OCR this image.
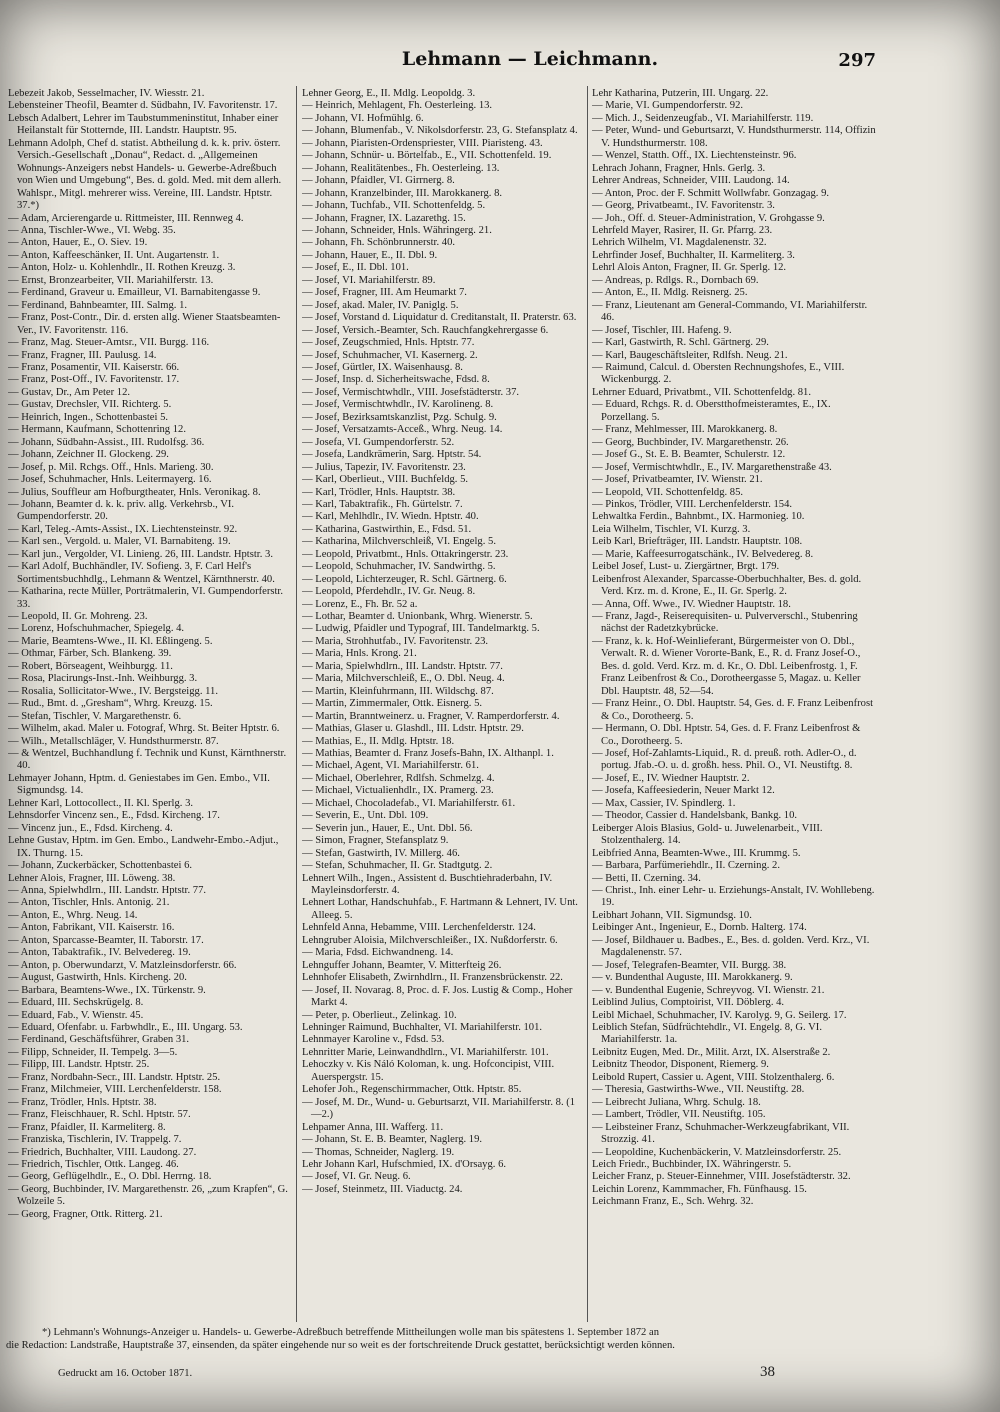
Lehmann — Leichmann.	297

Lebezeit Jakob, Sesselmacher, IV. Wiesstr. 21.

Lebensteiner Theofil, Beamter d. Südbahn, IV. Favoritenstr. 17.

Lebsch Adalbert, Lehrer im Taubstummeninstitut, Inhaber einer Heilanstalt für Stotternde, III. Landstr. Hauptstr. 95.

Lehmann Adolph, Chef d. statist. Abtheilung d. k. k. priv. österr. Versich.-Gesellschaft „Donau“, Redact. d. „Allgemeinen Wohnungs-Anzeigers nebst Handels- u. Gewerbe-Adreßbuch von Wien und Umgebung“, Bes. d. gold. Med. mit dem allerh. Wahlspr., Mitgl. mehrerer wiss. Vereine, III. Landstr. Hptstr. 37.*)

— Adam, Arcierengarde u. Rittmeister, III. Rennweg 4.

— Anna, Tischler-Wwe., VI. Webg. 35.

— Anton, Hauer, E., O. Siev. 19.

— Anton, Kaffeeschänker, II. Unt. Augartenstr. 1.

— Anton, Holz- u. Kohlenhdlr., II. Rothen Kreuzg. 3.

— Ernst, Bronzearbeiter, VII. Mariahilferstr. 13.

— Ferdinand, Graveur u. Emailleur, VI. Barnabitengasse 9.

— Ferdinand, Bahnbeamter, III. Salmg. 1.

— Franz, Post-Contr., Dir. d. ersten allg. Wiener Staatsbeamten-Ver., IV. Favoritenstr. 116.

— Franz, Mag. Steuer-Amtsr., VII. Burgg. 116.

— Franz, Fragner, III. Paulusg. 14.

— Franz, Posamentir, VII. Kaiserstr. 66.

— Franz, Post-Off., IV. Favoritenstr. 17.

— Gustav, Dr., Am Peter 12.

— Gustav, Drechsler, VII. Richterg. 5.

— Heinrich, Ingen., Schottenbastei 5.

— Hermann, Kaufmann, Schottenring 12.

— Johann, Südbahn-Assist., III. Rudolfsg. 36.

— Johann, Zeichner II. Glockeng. 29.

— Josef, p. Mil. Rchgs. Off., Hnls. Marieng. 30.

— Josef, Schuhmacher, Hnls. Leitermayerg. 16.

— Julius, Souffleur am Hofburgtheater, Hnls. Veronikag. 8.

— Johann, Beamter d. k. k. priv. allg. Verkehrsb., VI. Gumpendorferstr. 20.

— Karl, Teleg.-Amts-Assist., IX. Liechtensteinstr. 92.

— Karl sen., Vergold. u. Maler, VI. Barnabiteng. 19.

— Karl jun., Vergolder, VI. Linieng. 26, III. Landstr. Hptstr. 3.

— Karl Adolf, Buchhändler, IV. Sofieng. 3, F. Carl Helf's Sortimentsbuchhdlg., Lehmann & Wentzel, Kärnthnerstr. 40.

— Katharina, recte Müller, Porträtmalerin, VI. Gumpendorferstr. 33.

— Leopold, II. Gr. Mohreng. 23.

— Lorenz, Hofschuhmacher, Spiegelg. 4.

— Marie, Beamtens-Wwe., II. Kl. Eßlingeng. 5.

— Othmar, Färber, Sch. Blankeng. 39.

— Robert, Börseagent, Weihburgg. 11.

— Rosa, Placirungs-Inst.-Inh. Weihburgg. 3.

— Rosalia, Sollicitator-Wwe., IV. Bergsteigg. 11.

— Rud., Bmt. d. „Gresham“, Whrg. Kreuzg. 15.

— Stefan, Tischler, V. Margarethenstr. 6.

— Wilhelm, akad. Maler u. Fotograf, Whrg. St. Beiter Hptstr. 6.

— Wilh., Metallschläger, V. Hundsthurmerstr. 87.

— & Wentzel, Buchhandlung f. Technik und Kunst, Kärnthnerstr. 40.

Lehmayer Johann, Hptm. d. Geniestabes im Gen. Embo., VII. Sigmundsg. 14.

Lehner Karl, Lottocollect., II. Kl. Sperlg. 3.

Lehnsdorfer Vincenz sen., E., Fdsd. Kircheng. 17.

— Vincenz jun., E., Fdsd. Kircheng. 4.

Lehne Gustav, Hptm. im Gen. Embo., Landwehr-Embo.-Adjut., IX. Thurng. 15.

— Johann, Zuckerbäcker, Schottenbastei 6.

Lehner Alois, Fragner, III. Löweng. 38.

— Anna, Spielwhdlrn., III. Landstr. Hptstr. 77.

— Anton, Tischler, Hnls. Antonig. 21.

— Anton, E., Whrg. Neug. 14.

— Anton, Fabrikant, VII. Kaiserstr. 16.

— Anton, Sparcasse-Beamter, II. Taborstr. 17.

— Anton, Tabaktrafik., IV. Belvedereg. 19.

— Anton, p. Oberwundarzt, V. Matzleinsdorferstr. 66.

— August, Gastwirth, Hnls. Kircheng. 20.

— Barbara, Beamtens-Wwe., IX. Türkenstr. 9.

— Eduard, III. Sechskrügelg. 8.

— Eduard, Fab., V. Wienstr. 45.

— Eduard, Ofenfabr. u. Farbwhdlr., E., III. Ungarg. 53.

— Ferdinand, Geschäftsführer, Graben 31.

— Filipp, Schneider, II. Tempelg. 3—5.

— Filipp, III. Landstr. Hptstr. 25.

— Franz, Nordbahn-Secr., III. Landstr. Hptstr. 25.

— Franz, Milchmeier, VIII. Lerchenfelderstr. 158.

— Franz, Trödler, Hnls. Hptstr. 38.

— Franz, Fleischhauer, R. Schl. Hptstr. 57.

— Franz, Pfaidler, II. Karmeliterg. 8.

— Franziska, Tischlerin, IV. Trappelg. 7.

— Friedrich, Buchhalter, VIII. Laudong. 27.

— Friedrich, Tischler, Ottk. Langeg. 46.

— Georg, Geflügelhdlr., E., O. Dbl. Herrng. 18.

— Georg, Buchbinder, IV. Margarethenstr. 26, „zum Krapfen“, G. Wolzeile 5.

— Georg, Fragner, Ottk. Ritterg. 21.

Lehner Georg, E., II. Mdlg. Leopoldg. 3.

— Heinrich, Mehlagent, Fh. Oesterleing. 13.

— Johann, VI. Hofmühlg. 6.

— Johann, Blumenfab., V. Nikolsdorferstr. 23, G. Stefansplatz 4.

— Johann, Piaristen-Ordenspriester, VIII. Piaristeng. 43.

— Johann, Schnür- u. Börtelfab., E., VII. Schottenfeld. 19.

— Johann, Realitätenbes., Fh. Oesterleing. 13.

— Johann, Pfaidler, VI. Girrnerg. 8.

— Johann, Kranzelbinder, III. Marokkanerg. 8.

— Johann, Tuchfab., VII. Schottenfeldg. 5.

— Johann, Fragner, IX. Lazarethg. 15.

— Johann, Schneider, Hnls. Währingerg. 21.

— Johann, Fh. Schönbrunnerstr. 40.

— Johann, Hauer, E., II. Dbl. 9.

— Josef, E., II. Dbl. 101.

— Josef, VI. Mariahilferstr. 89.

— Josef, Fragner, III. Am Heumarkt 7.

— Josef, akad. Maler, IV. Paniglg. 5.

— Josef, Vorstand d. Liquidatur d. Creditanstalt, II. Praterstr. 63.

— Josef, Versich.-Beamter, Sch. Rauchfangkehrergasse 6.

— Josef, Zeugschmied, Hnls. Hptstr. 77.

— Josef, Schuhmacher, VI. Kasernerg. 2.

— Josef, Gürtler, IX. Waisenhausg. 8.

— Josef, Insp. d. Sicherheitswache, Fdsd. 8.

— Josef, Vermischtwhdlr., VIII. Josefstädterstr. 37.

— Josef, Vermischtwhdlr., IV. Karolineng. 8.

— Josef, Bezirksamtskanzlist, Pzg. Schulg. 9.

— Josef, Versatzamts-Acceß., Whrg. Neug. 14.

— Josefa, VI. Gumpendorferstr. 52.

— Josefa, Landkrämerin, Sarg. Hptstr. 54.

— Julius, Tapezir, IV. Favoritenstr. 23.

— Karl, Oberlieut., VIII. Buchfeldg. 5.

— Karl, Trödler, Hnls. Hauptstr. 38.

— Karl, Tabaktrafik., Fh. Gürtelstr. 7.

— Karl, Mehlhdlr., IV. Wiedn. Hptstr. 40.

— Katharina, Gastwirthin, E., Fdsd. 51.

— Katharina, Milchverschleiß, VI. Engelg. 5.

— Leopold, Privatbmt., Hnls. Ottakringerstr. 23.

— Leopold, Schuhmacher, IV. Sandwirthg. 5.

— Leopold, Lichterzeuger, R. Schl. Gärtnerg. 6.

— Leopold, Pferdehdlr., IV. Gr. Neug. 8.

— Lorenz, E., Fh. Br. 52 a.

— Lothar, Beamter d. Unionbank, Whrg. Wienerstr. 5.

— Ludwig, Pfaidler und Typograf, III. Tandelmarktg. 5.

— Maria, Strohhutfab., IV. Favoritenstr. 23.

— Maria, Hnls. Krong. 21.

— Maria, Spielwhdlrn., III. Landstr. Hptstr. 77.

— Maria, Milchverschleiß, E., O. Dbl. Neug. 4.

— Martin, Kleinfuhrmann, III. Wildschg. 87.

— Martin, Zimmermaler, Ottk. Eisnerg. 5.

— Martin, Branntweinerz. u. Fragner, V. Ramperdorferstr. 4.

— Mathias, Glaser u. Glashdl., III. Ldstr. Hptstr. 29.

— Mathias, E., II. Mdlg. Hptstr. 18.

— Mathias, Beamter d. Franz Josefs-Bahn, IX. Althanpl. 1.

— Michael, Agent, VI. Mariahilferstr. 61.

— Michael, Oberlehrer, Rdlfsh. Schmelzg. 4.

— Michael, Victualienhdlr., IX. Pramerg. 23.

— Michael, Chocoladefab., VI. Mariahilferstr. 61.

— Severin, E., Unt. Dbl. 109.

— Severin jun., Hauer, E., Unt. Dbl. 56.

— Simon, Fragner, Stefansplatz 9.

— Stefan, Gastwirth, IV. Millerg. 46.

— Stefan, Schuhmacher, II. Gr. Stadtgutg. 2.

Lehnert Wilh., Ingen., Assistent d. Buschtiehraderbahn, IV. Mayleinsdorferstr. 4.

Lehnert Lothar, Handschuhfab., F. Hartmann & Lehnert, IV. Unt. Alleeg. 5.

Lehnfeld Anna, Hebamme, VIII. Lerchenfelderstr. 124.

Lehngruber Aloisia, Milchverschleißer., IX. Nußdorferstr. 6.

— Maria, Fdsd. Eichwandneng. 14.

Lehnguffer Johann, Beamter, V. Mitterfteig 26.

Lehnhofer Elisabeth, Zwirnhdlrn., II. Franzensbrückenstr. 22.

— Josef, II. Novarag. 8, Proc. d. F. Jos. Lustig & Comp., Hoher Markt 4.

— Peter, p. Oberlieut., Zelinkag. 10.

Lehninger Raimund, Buchhalter, VI. Mariahilferstr. 101.

Lehnmayer Karoline v., Fdsd. 53.

Lehnritter Marie, Leinwandhdlrn., VI. Mariahilferstr. 101.

Lehoczky v. Kis Náló Koloman, k. ung. Hofconcipist, VIII. Auerspergstr. 15.

Lehofer Joh., Regenschirmmacher, Ottk. Hptstr. 85.

— Josef, M. Dr., Wund- u. Geburtsarzt, VII. Mariahilferstr. 8. (1—2.)

Lehpamer Anna, III. Wafferg. 11.

— Johann, St. E. B. Beamter, Naglerg. 19.

— Thomas, Schneider, Naglerg. 19.

Lehr Johann Karl, Hufschmied, IX. d'Orsayg. 6.

— Josef, VI. Gr. Neug. 6.

— Josef, Steinmetz, III. Viaductg. 24.

Lehr Katharina, Putzerin, III. Ungarg. 22.

— Marie, VI. Gumpendorferstr. 92.

— Mich. J., Seidenzeugfab., VI. Mariahilferstr. 119.

— Peter, Wund- und Geburtsarzt, V. Hundsthurmerstr. 114, Offizin V. Hundsthurmerstr. 108.

— Wenzel, Statth. Off., IX. Liechtensteinstr. 96.

Lehrach Johann, Fragner, Hnls. Gerlg. 3.

Lehrer Andreas, Schneider, VIII. Laudong. 14.

— Anton, Proc. der F. Schmitt Wollwfabr. Gonzagag. 9.

— Georg, Privatbeamt., IV. Favoritenstr. 3.

— Joh., Off. d. Steuer-Administration, V. Grohgasse 9.

Lehrfeld Mayer, Rasirer, II. Gr. Pfarrg. 23.

Lehrich Wilhelm, VI. Magdalenenstr. 32.

Lehrfinder Josef, Buchhalter, II. Karmeliterg. 3.

Lehrl Alois Anton, Fragner, II. Gr. Sperlg. 12.

— Andreas, p. Rdlgs. R., Dornbach 69.

— Anton, E., II. Mdlg. Reisnerg. 25.

— Franz, Lieutenant am General-Commando, VI. Mariahilferstr. 46.

— Josef, Tischler, III. Hafeng. 9.

— Karl, Gastwirth, R. Schl. Gärtnerg. 29.

— Karl, Baugeschäftsleiter, Rdlfsh. Neug. 21.

— Raimund, Calcul. d. Obersten Rechnungshofes, E., VIII. Wickenburgg. 2.

Lehrner Eduard, Privatbmt., VII. Schottenfeldg. 81.

— Eduard, Rchgs. R. d. Oberstthofmeisteramtes, E., IX. Porzellang. 5.

— Franz, Mehlmesser, III. Marokkanerg. 8.

— Georg, Buchbinder, IV. Margarethenstr. 26.

— Josef G., St. E. B. Beamter, Schulerstr. 12.

— Josef, Vermischtwhdlr., E., IV. Margarethenstraße 43.

— Josef, Privatbeamter, IV. Wienstr. 21.

— Leopold, VII. Schottenfeldg. 85.

— Pinkos, Trödler, VIII. Lerchenfelderstr. 154.

Lehwaltka Ferdin., Bahnbmt., IX. Harmonieg. 10.

Leia Wilhelm, Tischler, VI. Kurzg. 3.

Leib Karl, Briefträger, III. Landstr. Hauptstr. 108.

— Marie, Kaffeesurrogatschänk., IV. Belvedereg. 8.

Leibel Josef, Lust- u. Ziergärtner, Brgt. 179.

Leibenfrost Alexander, Sparcasse-Oberbuchhalter, Bes. d. gold. Verd. Krz. m. d. Krone, E., II. Gr. Sperlg. 2.

— Anna, Off. Wwe., IV. Wiedner Hauptstr. 18.

— Franz, Jagd-, Reiserequisiten- u. Pulververschl., Stubenring nächst der Radetzkybrücke.

— Franz, k. k. Hof-Weinlieferant, Bürgermeister von O. Dbl., Verwalt. R. d. Wiener Vororte-Bank, E., R. d. Franz Josef-O., Bes. d. gold. Verd. Krz. m. d. Kr., O. Dbl. Leibenfrostg. 1, F. Franz Leibenfrost & Co., Dorotheergasse 5, Magaz. u. Keller Dbl. Hauptstr. 48, 52—54.

— Franz Heinr., O. Dbl. Hauptstr. 54, Ges. d. F. Franz Leibenfrost & Co., Dorotheerg. 5.

— Hermann, O. Dbl. Hptstr. 54, Ges. d. F. Franz Leibenfrost & Co., Dorotheerg. 5.

— Josef, Hof-Zahlamts-Liquid., R. d. preuß. roth. Adler-O., d. portug. Jfab.-O. u. d. großh. hess. Phil. O., VI. Neustiftg. 8.

— Josef, E., IV. Wiedner Hauptstr. 2.

— Josefa, Kaffeesiederin, Neuer Markt 12.

— Max, Cassier, IV. Spindlerg. 1.

— Theodor, Cassier d. Handelsbank, Bankg. 10.

Leiberger Alois Blasius, Gold- u. Juwelenarbeit., VIII. Stolzenthalerg. 14.

Leibfried Anna, Beamten-Wwe., III. Krummg. 5.

— Barbara, Parfümeriehdlr., II. Czerning. 2.

— Betti, II. Czerning. 34.

— Christ., Inh. einer Lehr- u. Erziehungs-Anstalt, IV. Wohllebeng. 19.

Leibhart Johann, VII. Sigmundsg. 10.

Leibinger Ant., Ingenieur, E., Dornb. Halterg. 174.

— Josef, Bildhauer u. Badbes., E., Bes. d. golden. Verd. Krz., VI. Magdalenenstr. 57.

— Josef, Telegrafen-Beamter, VII. Burgg. 38.

— v. Bundenthal Auguste, III. Marokkanerg. 9.

— v. Bundenthal Eugenie, Schreyvog. VI. Wienstr. 21.

Leiblind Julius, Comptoirist, VII. Döblerg. 4.

Leibl Michael, Schuhmacher, IV. Karolyg. 9, G. Seilerg. 17.

Leiblich Stefan, Südfrüchtehdlr., VI. Engelg. 8, G. VI. Mariahilferstr. 1a.

Leibnitz Eugen, Med. Dr., Milit. Arzt, IX. Alserstraße 2.

Leibnitz Theodor, Disponent, Riemerg. 9.

Leibold Rupert, Cassier u. Agent, VIII. Stolzenthalerg. 6.

— Theresia, Gastwirths-Wwe., VII. Neustiftg. 28.

— Leibrecht Juliana, Whrg. Schulg. 18.

— Lambert, Trödler, VII. Neustiftg. 105.

— Leibsteiner Franz, Schuhmacher-Werkzeugfabrikant, VII. Strozzig. 41.

— Leopoldine, Kuchenbäckerin, V. Matzleinsdorferstr. 25.

Leich Friedr., Buchbinder, IX. Währingerstr. 5.

Leicher Franz, p. Steuer-Einnehmer, VIII. Josefstädterstr. 32.

Leichin Lorenz, Kammmacher, Fh. Fünfhausg. 15.

Leichmann Franz, E., Sch. Wehrg. 32.

*) Lehmann's Wohnungs-Anzeiger u. Handels- u. Gewerbe-Adreßbuch betreffende Mittheilungen wolle man bis spätestens 1. September 1872 an

die Redaction: Landstraße, Hauptstraße 37, einsenden, da später eingehende nur so weit es der fortschreitende Druck gestattet, berücksichtigt werden können.

Gedruckt am 16. October 1871.	38
